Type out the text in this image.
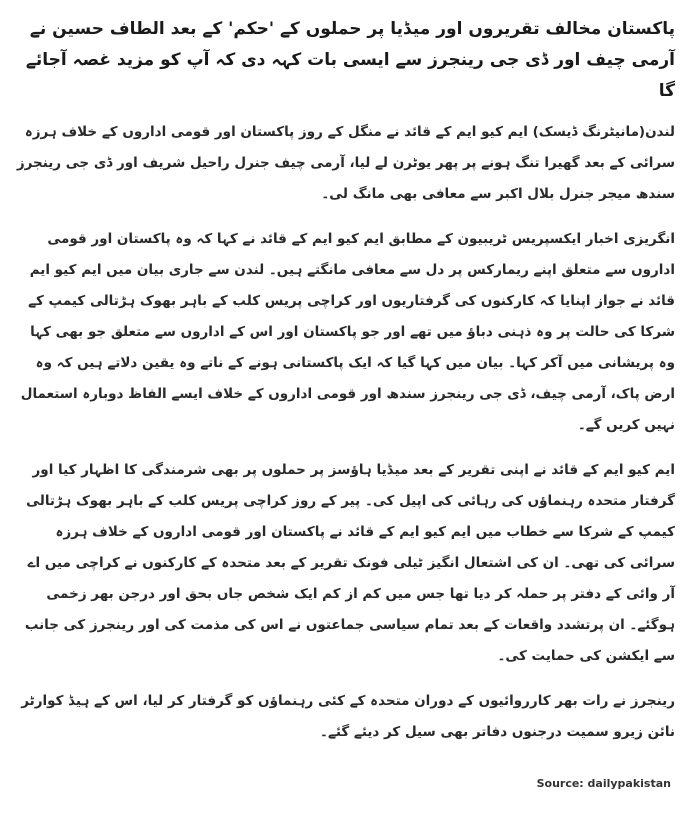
پاکستان مخالف تقریروں اور میڈیا پر حملوں کے 'حکم' کے بعد الطاف حسین نے آرمی چیف اور ڈی جی رینجرز سے ایسی بات کہہ دی کہ آپ کو مزید غصہ آجائے گا

لندن(مانیٹرنگ ڈیسک) ایم کیو ایم کے قائد نے منگل کے روز پاکستان اور قومی اداروں کے خلاف ہرزہ سرائی کے بعد گھیرا تنگ ہونے پر پھر یوٹرن لے لیا، آرمی چیف جنرل راحیل شریف اور ڈی جی رینجرز سندھ میجر جنرل بلال اکبر سے معافی بھی مانگ لی۔

انگریزی اخبار ایکسپریس ٹریبیون کے مطابق ایم کیو ایم کے قائد نے کہا کہ وہ پاکستان اور قومی اداروں سے متعلق اپنے ریمارکس پر دل سے معافی مانگتے ہیں۔ لندن سے جاری بیان میں ایم کیو ایم قائد نے جواز اپنایا کہ کارکنوں کی گرفتاریوں اور کراچی پریس کلب کے باہر بھوک ہڑتالی کیمپ کے شرکا کی حالت پر وہ ذہنی دباؤ میں تھے اور جو پاکستان اور اس کے اداروں سے متعلق جو بھی کہا وہ پریشانی میں آکر کہا۔ بیان میں کہا گیا کہ ایک پاکستانی ہونے کے ناتے وہ یقین دلاتے ہیں کہ وہ ارض پاک، آرمی چیف، ڈی جی رینجرز سندھ اور قومی اداروں کے خلاف ایسے الفاظ دوبارہ استعمال نہیں کریں گے۔

ایم کیو ایم کے قائد نے اپنی تقریر کے بعد میڈیا ہاؤسز پر حملوں پر بھی شرمندگی کا اظہار کیا اور گرفتار متحدہ رہنماؤں کی رہائی کی اپیل کی۔ پیر کے روز کراچی پریس کلب کے باہر بھوک ہڑتالی کیمپ کے شرکا سے خطاب میں ایم کیو ایم کے قائد نے پاکستان اور قومی اداروں کے خلاف ہرزہ سرائی کی تھی۔ ان کی اشتعال انگیز ٹیلی فونک تقریر کے بعد متحدہ کے کارکنوں نے کراچی میں اے آر وائی کے دفتر پر حملہ کر دیا تھا جس میں کم از کم ایک شخص جاں بحق اور درجن بھر زخمی ہوگئے۔ ان پرتشدد واقعات کے بعد تمام سیاسی جماعتوں نے اس کی مذمت کی اور رینجرز کی جانب سے ایکشن کی حمایت کی۔

رینجرز نے رات بھر کارروائیوں کے دوران متحدہ کے کئی رہنماؤں کو گرفتار کر لیا، اس کے ہیڈ کوارٹر نائن زیرو سمیت درجنوں دفاتر بھی سیل کر دیئے گئے۔

Source: dailypakistan
